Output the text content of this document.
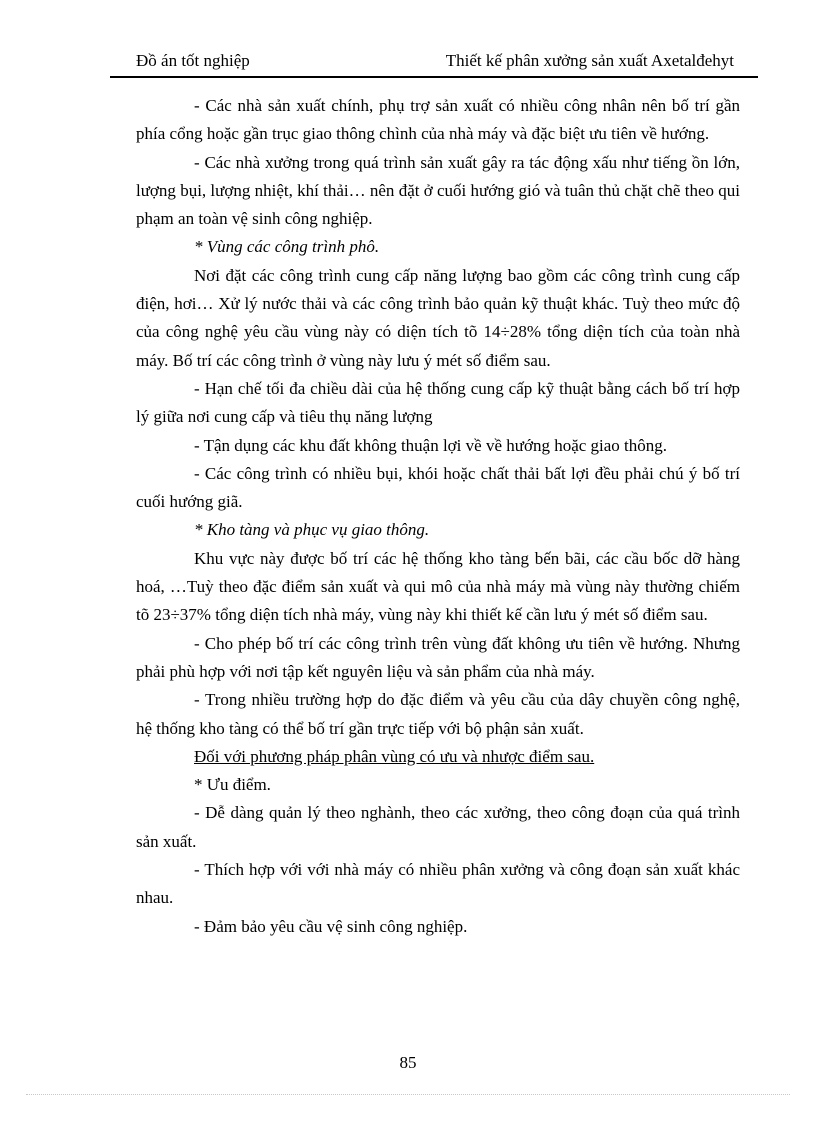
Đồ án tốt nghiệp	Thiết kế phân xưởng sản xuất Axetalđehyt

- Các nhà sản xuất chính, phụ trợ sản xuất có nhiều công nhân nên bố trí gần phía cổng hoặc gần trục giao thông chình của nhà máy và đặc biệt ưu tiên về hướng.

- Các nhà xưởng trong quá trình sản xuất gây ra tác động xấu như tiếng ồn lớn, lượng bụi, lượng nhiệt, khí thải… nên đặt ở cuối hướng gió và tuân thủ chặt chẽ theo qui phạm an toàn vệ sinh công nghiệp.

* Vùng các công trình phô.

Nơi đặt các công trình cung cấp năng lượng bao gồm các công trình cung cấp điện, hơi… Xử lý nước thải và các công trình bảo quản kỹ thuật khác. Tuỳ theo mức độ của công nghệ yêu cầu vùng này có diện tích tõ 14÷28% tổng diện tích của toàn nhà máy. Bố trí các công trình ở vùng này lưu ý mét số điểm sau.

- Hạn chế tối đa chiều dài của hệ thống cung cấp kỹ thuật bằng cách bố trí hợp lý giữa nơi cung cấp và tiêu thụ năng lượng

- Tận dụng các khu đất không thuận lợi về về hướng hoặc giao thông.

- Các công trình có nhiều bụi, khói hoặc chất thải bất lợi đều phải chú ý bố trí cuối hướng giã.

* Kho tàng và phục vụ giao thông.

Khu vực này được bố trí các hệ thống kho tàng bến bãi, các cầu bốc dỡ hàng hoá, …Tuỳ theo đặc điểm sản xuất và qui mô của nhà máy mà vùng này thường chiếm tõ 23÷37% tổng diện tích nhà máy, vùng này khi thiết kế cần lưu ý mét số điểm sau.

- Cho phép bố trí các công trình trên vùng đất không ưu tiên về hướng. Nhưng phải phù hợp với nơi tập kết nguyên liệu và sản phẩm của nhà máy.

- Trong nhiều trường hợp do đặc điểm và yêu cầu của dây chuyền công nghệ, hệ thống kho tàng có thể bố trí gần trực tiếp với bộ phận sản xuất.

Đối với phương pháp phân vùng có ưu và nhược điểm sau.

* Ưu điểm.

- Dễ dàng quản lý theo nghành, theo các xưởng, theo công đoạn của quá trình sản xuất.

- Thích hợp với với nhà máy có nhiều phân xưởng và công đoạn sản xuất khác nhau.

- Đảm bảo yêu cầu vệ sinh công nghiệp.

85
